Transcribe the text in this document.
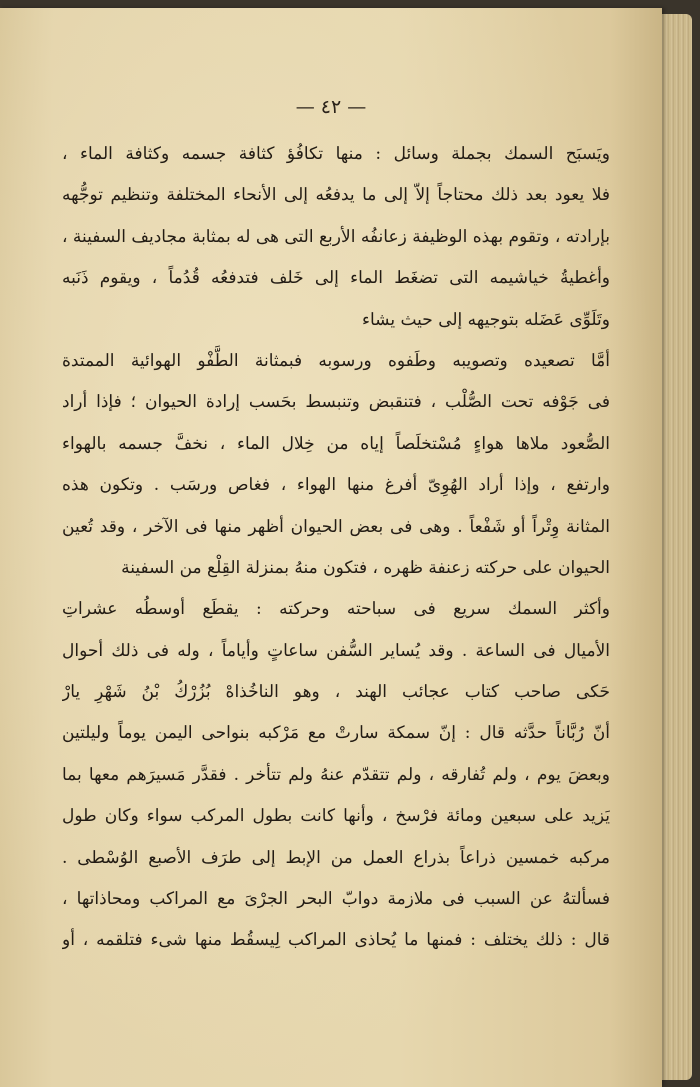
— ٤٢ —
ويَسبَح السمك بجملة وسائل : منها تكافُؤ كثافة جسمه وكثافة الماء ،
فلا يعود بعد ذلك محتاجاً إلاّ إلى ما يدفعُه إلى الأنحاء المختلفة وتنظيم توجُّهه
بإرادته ، وتقوم بهذه الوظيفة زعانفُه الأربع التى هى له بمثابة مجاديف السفينة ،
وأغطيةُ خياشيمه التى تضغَط الماء إلى خَلف فتدفعُه قُدُماً ، ويقوم ذَنَبه
وتَلَوِّى عَضَله بتوجيهه إلى حيث يشاء
أمَّا تصعيده وتصويبه وطَفوه ورسوبه فبمثانة الطَّفْو الهوائية الممتدة
فى جَوْفه تحت الصُّلْب ، فتنقبض وتنبسط بحَسب إرادة الحيوان ؛ فإذا أراد
الصُّعود ملاها هواءٍ مُسْتخلَصاً إياه من خِلال الماء ، نخفَّ جسمه بالهواء
وارتفع ، وإذا أراد الهُوِىّ أفرغ منها الهواء ، فغاص ورسَب . وتكون هذه
المثانة وِتْراً أو شَفْعاً . وهى فى بعض الحيوان أظهر منها فى الآخر ، وقد تُعين
الحيوان على حركته زعنفة ظهره ، فتكون منهُ بمنزلة القِلْع من السفينة
وأكثر السمك سريع فى سباحته وحركته : يقطَع أوسطُه عشراتِ
الأميال فى الساعة . وقد يُساير السُّفن ساعاتٍ وأياماً ، وله فى ذلك أحوال
حَكى صاحب كتاب عجائب الهند ، وهو الناخُذاهْ بُزُرْكُ بْنُ شَهْرِ يارْ
أنّ رُبَّاناً حدَّثه قال : إنّ سمكة سارتْ مع مَرْكبه بنواحى اليمن يوماً وليلتين
وبعضَ يوم ، ولم تُفارقه ، ولم تتقدّم عنهُ ولم تتأخر . فقدَّر مَسيرَهم معها بما
يَزيد على سبعين ومائة فرْسخ ، وأنها كانت بطول المركب سواء وكان طول
مركبه خمسين ذراعاً بذراع العمل من الإبط إلى طرَف الأصبع الوُسْطى .
فسألتهُ عن السبب فى ملازمة دوابّ البحر الجرْىَ مع المراكب ومحاذاتها ،
قال : ذلك يختلف : فمنها ما يُحاذى المراكب لِيسقُط منها شىء فتلقمه ، أو
